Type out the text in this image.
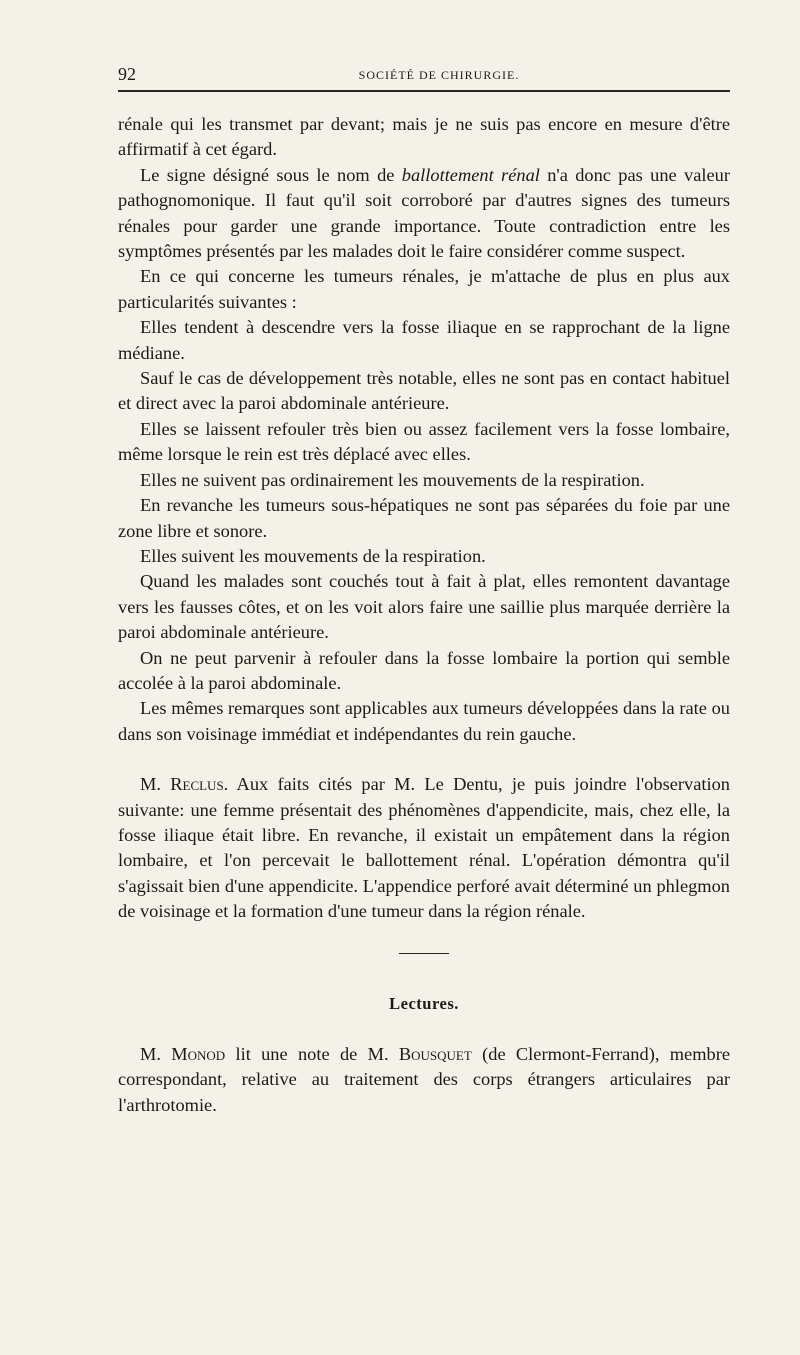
92	SOCIÉTÉ DE CHIRURGIE.

rénale qui les transmet par devant; mais je ne suis pas encore en mesure d'être affirmatif à cet égard.

Le signe désigné sous le nom de ballottement rénal n'a donc pas une valeur pathognomonique. Il faut qu'il soit corroboré par d'autres signes des tumeurs rénales pour garder une grande importance. Toute contradiction entre les symptômes présentés par les malades doit le faire considérer comme suspect.

En ce qui concerne les tumeurs rénales, je m'attache de plus en plus aux particularités suivantes :

Elles tendent à descendre vers la fosse iliaque en se rapprochant de la ligne médiane.

Sauf le cas de développement très notable, elles ne sont pas en contact habituel et direct avec la paroi abdominale antérieure.

Elles se laissent refouler très bien ou assez facilement vers la fosse lombaire, même lorsque le rein est très déplacé avec elles.

Elles ne suivent pas ordinairement les mouvements de la respiration.

En revanche les tumeurs sous-hépatiques ne sont pas séparées du foie par une zone libre et sonore.

Elles suivent les mouvements de la respiration.

Quand les malades sont couchés tout à fait à plat, elles remontent davantage vers les fausses côtes, et on les voit alors faire une saillie plus marquée derrière la paroi abdominale antérieure.

On ne peut parvenir à refouler dans la fosse lombaire la portion qui semble accolée à la paroi abdominale.

Les mêmes remarques sont applicables aux tumeurs développées dans la rate ou dans son voisinage immédiat et indépendantes du rein gauche.

M. Reclus. Aux faits cités par M. Le Dentu, je puis joindre l'observation suivante: une femme présentait des phénomènes d'appendicite, mais, chez elle, la fosse iliaque était libre. En revanche, il existait un empâtement dans la région lombaire, et l'on percevait le ballottement rénal. L'opération démontra qu'il s'agissait bien d'une appendicite. L'appendice perforé avait déterminé un phlegmon de voisinage et la formation d'une tumeur dans la région rénale.

Lectures.

M. Monod lit une note de M. Bousquet (de Clermont-Ferrand), membre correspondant, relative au traitement des corps étrangers articulaires par l'arthrotomie.
